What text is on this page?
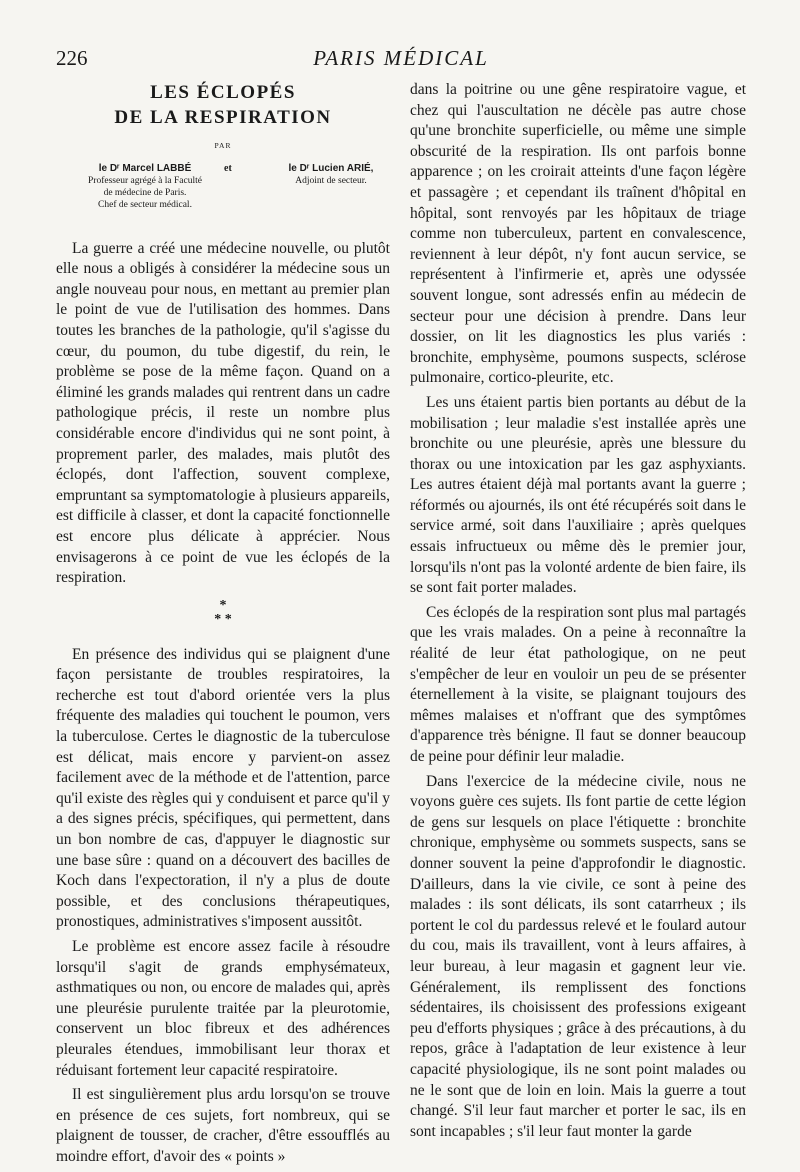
226	PARIS MÉDICAL
LES ÉCLOPÉS
DE LA RESPIRATION
PAR
le Dʳ Marcel LABBÉ
Professeur agrégé à la Faculté
de médecine de Paris.
Chef de secteur médical.
et	le Dʳ Lucien ARIÉ,
Adjoint de secteur.

La guerre a créé une médecine nouvelle, ou plutôt elle nous a obligés à considérer la médecine sous un angle nouveau pour nous, en mettant au premier plan le point de vue de l'utilisation des hommes. Dans toutes les branches de la pathologie, qu'il s'agisse du cœur, du poumon, du tube digestif, du rein, le problème se pose de la même façon. Quand on a éliminé les grands malades qui rentrent dans un cadre pathologique précis, il reste un nombre plus considérable encore d'individus qui ne sont point, à proprement parler, des malades, mais plutôt des éclopés, dont l'affection, souvent complexe, empruntant sa symptomatologie à plusieurs appareils, est difficile à classer, et dont la capacité fonctionnelle est encore plus délicate à apprécier. Nous envisagerons à ce point de vue les éclopés de la respiration.

*
* *

En présence des individus qui se plaignent d'une façon persistante de troubles respiratoires, la recherche est tout d'abord orientée vers la plus fréquente des maladies qui touchent le poumon, vers la tuberculose. Certes le diagnostic de la tuberculose est délicat, mais encore y parvient-on assez facilement avec de la méthode et de l'attention, parce qu'il existe des règles qui y conduisent et parce qu'il y a des signes précis, spécifiques, qui permettent, dans un bon nombre de cas, d'appuyer le diagnostic sur une base sûre : quand on a découvert des bacilles de Koch dans l'expectoration, il n'y a plus de doute possible, et des conclusions thérapeutiques, pronostiques, administratives s'imposent aussitôt.

Le problème est encore assez facile à résoudre lorsqu'il s'agit de grands emphysémateux, asthmatiques ou non, ou encore de malades qui, après une pleurésie purulente traitée par la pleurotomie, conservent un bloc fibreux et des adhérences pleurales étendues, immobilisant leur thorax et réduisant fortement leur capacité respiratoire.

Il est singulièrement plus ardu lorsqu'on se trouve en présence de ces sujets, fort nombreux, qui se plaignent de tousser, de cracher, d'être essoufflés au moindre effort, d'avoir des « points »

dans la poitrine ou une gêne respiratoire vague, et chez qui l'auscultation ne décèle pas autre chose qu'une bronchite superficielle, ou même une simple obscurité de la respiration. Ils ont parfois bonne apparence ; on les croirait atteints d'une façon légère et passagère ; et cependant ils traînent d'hôpital en hôpital, sont renvoyés par les hôpitaux de triage comme non tuberculeux, partent en convalescence, reviennent à leur dépôt, n'y font aucun service, se représentent à l'infirmerie et, après une odyssée souvent longue, sont adressés enfin au médecin de secteur pour une décision à prendre. Dans leur dossier, on lit les diagnostics les plus variés : bronchite, emphysème, poumons suspects, sclérose pulmonaire, cortico-pleurite, etc.

Les uns étaient partis bien portants au début de la mobilisation ; leur maladie s'est installée après une bronchite ou une pleurésie, après une blessure du thorax ou une intoxication par les gaz asphyxiants. Les autres étaient déjà mal portants avant la guerre ; réformés ou ajournés, ils ont été récupérés soit dans le service armé, soit dans l'auxiliaire ; après quelques essais infructueux ou même dès le premier jour, lorsqu'ils n'ont pas la volonté ardente de bien faire, ils se sont fait porter malades.

Ces éclopés de la respiration sont plus mal partagés que les vrais malades. On a peine à reconnaître la réalité de leur état pathologique, on ne peut s'empêcher de leur en vouloir un peu de se présenter éternellement à la visite, se plaignant toujours des mêmes malaises et n'offrant que des symptômes d'apparence très bénigne. Il faut se donner beaucoup de peine pour définir leur maladie.

Dans l'exercice de la médecine civile, nous ne voyons guère ces sujets. Ils font partie de cette légion de gens sur lesquels on place l'étiquette : bronchite chronique, emphysème ou sommets suspects, sans se donner souvent la peine d'approfondir le diagnostic. D'ailleurs, dans la vie civile, ce sont à peine des malades : ils sont délicats, ils sont catarrheux ; ils portent le col du pardessus relevé et le foulard autour du cou, mais ils travaillent, vont à leurs affaires, à leur bureau, à leur magasin et gagnent leur vie. Généralement, ils remplissent des fonctions sédentaires, ils choisissent des professions exigeant peu d'efforts physiques ; grâce à des précautions, à du repos, grâce à l'adaptation de leur existence à leur capacité physiologique, ils ne sont point malades ou ne le sont que de loin en loin. Mais la guerre a tout changé. S'il leur faut marcher et porter le sac, ils en sont incapables ; s'il leur faut monter la garde
